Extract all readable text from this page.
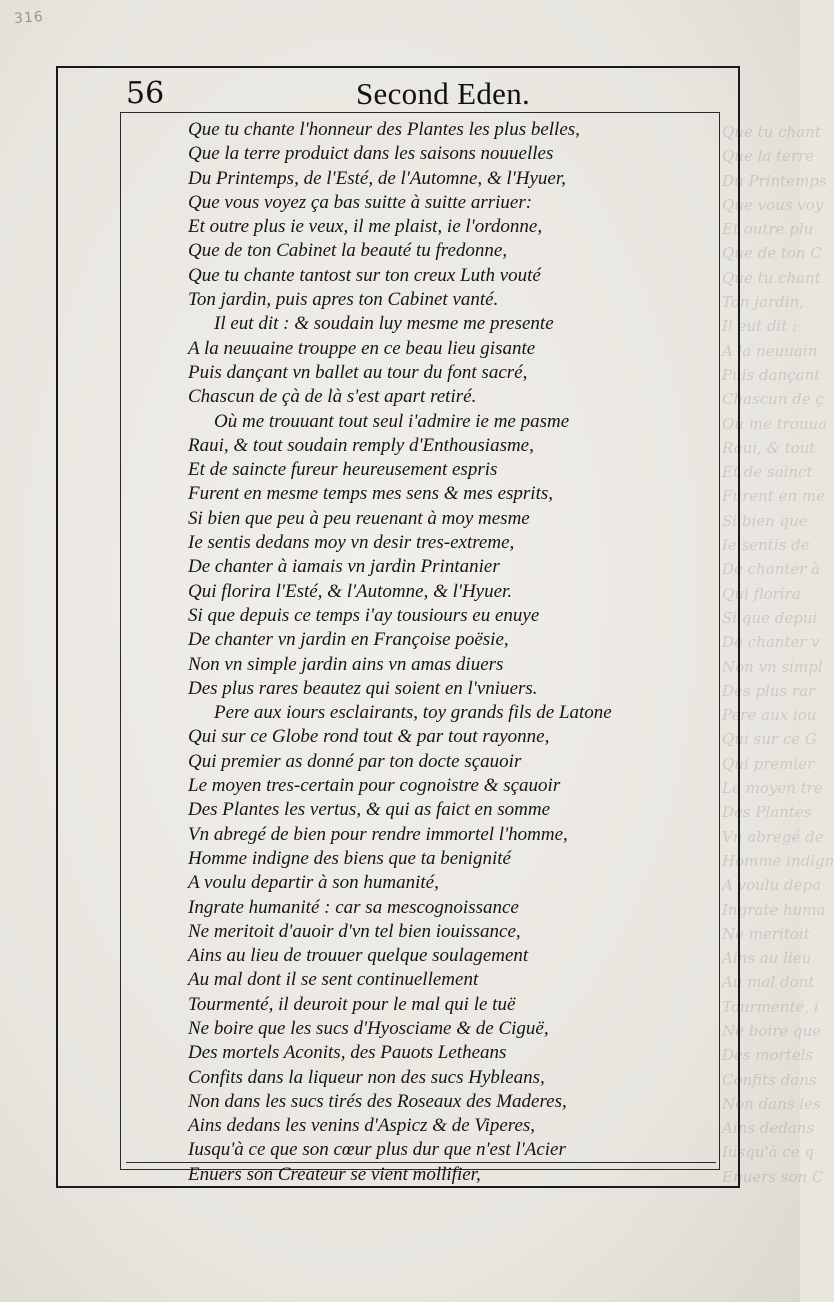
316
Que tu chant
Que la terre
Du Printemps
Que vous voy
Et outre plu
Que de ton C
Que tu chant
Ton jardin,
Il eut dit :
A la neuuain
Puis dançant
Chascun de ç
Où me trouua
Raui, & tout
Et de sainct
Furent en me
Si bien que
Ie sentis de
De chanter à
Qui florira
Si que depui
De chanter v
Non vn simpl
Des plus rar
Pere aux iou
Qui sur ce G
Qui premier
Le moyen tre
Des Plantes
Vn abregé de
Homme indign
A voulu depa
Ingrate huma
Ne meritoit
Ains au lieu
Au mal dont
Tourmenté, i
Ne boire que
Des mortels
Confits dans
Non dans les
Ains dedans
Iusqu'à ce q
Enuers son C
56	Second Eden.
Que tu chante l'honneur des Plantes les plus belles,
Que la terre produict dans les saisons nouuelles
Du Printemps, de l'Esté, de l'Automne, & l'Hyuer,
Que vous voyez ça bas suitte à suitte arriuer:
Et outre plus ie veux, il me plaist, ie l'ordonne,
Que de ton Cabinet la beauté tu fredonne,
Que tu chante tantost sur ton creux Luth vouté
Ton jardin, puis apres ton Cabinet vanté.
Il eut dit : & soudain luy mesme me presente
A la neuuaine trouppe en ce beau lieu gisante
Puis dançant vn ballet au tour du font sacré,
Chascun de çà de là s'est apart retiré.
Où me trouuant tout seul i'admire ie me pasme
Raui, & tout soudain remply d'Enthousiasme,
Et de saincte fureur heureusement espris
Furent en mesme temps mes sens & mes esprits,
Si bien que peu à peu reuenant à moy mesme
Ie sentis dedans moy vn desir tres-extreme,
De chanter à iamais vn jardin Printanier
Qui florira l'Esté, & l'Automne, & l'Hyuer.
Si que depuis ce temps i'ay tousiours eu enuye
De chanter vn jardin en Françoise poësie,
Non vn simple jardin ains vn amas diuers
Des plus rares beautez qui soient en l'vniuers.
Pere aux iours esclairants, toy grands fils de Latone
Qui sur ce Globe rond tout & par tout rayonne,
Qui premier as donné par ton docte sçauoir
Le moyen tres-certain pour cognoistre & sçauoir
Des Plantes les vertus, & qui as faict en somme
Vn abregé de bien pour rendre immortel l'homme,
Homme indigne des biens que ta benignité
A voulu departir à son humanité,
Ingrate humanité : car sa mescognoissance
Ne meritoit d'auoir d'vn tel bien iouissance,
Ains au lieu de trouuer quelque soulagement
Au mal dont il se sent continuellement
Tourmenté, il deuroit pour le mal qui le tuë
Ne boire que les sucs d'Hyosciame & de Ciguë,
Des mortels Aconits, des Pauots Lethеans
Confits dans la liqueur non des sucs Hybleans,
Non dans les sucs tirés des Roseaux des Maderes,
Ains dedans les venins d'Aspicz & de Viperes,
Iusqu'à ce que son cœur plus dur que n'est l'Acier
Enuers son Createur se vient mollifier,
